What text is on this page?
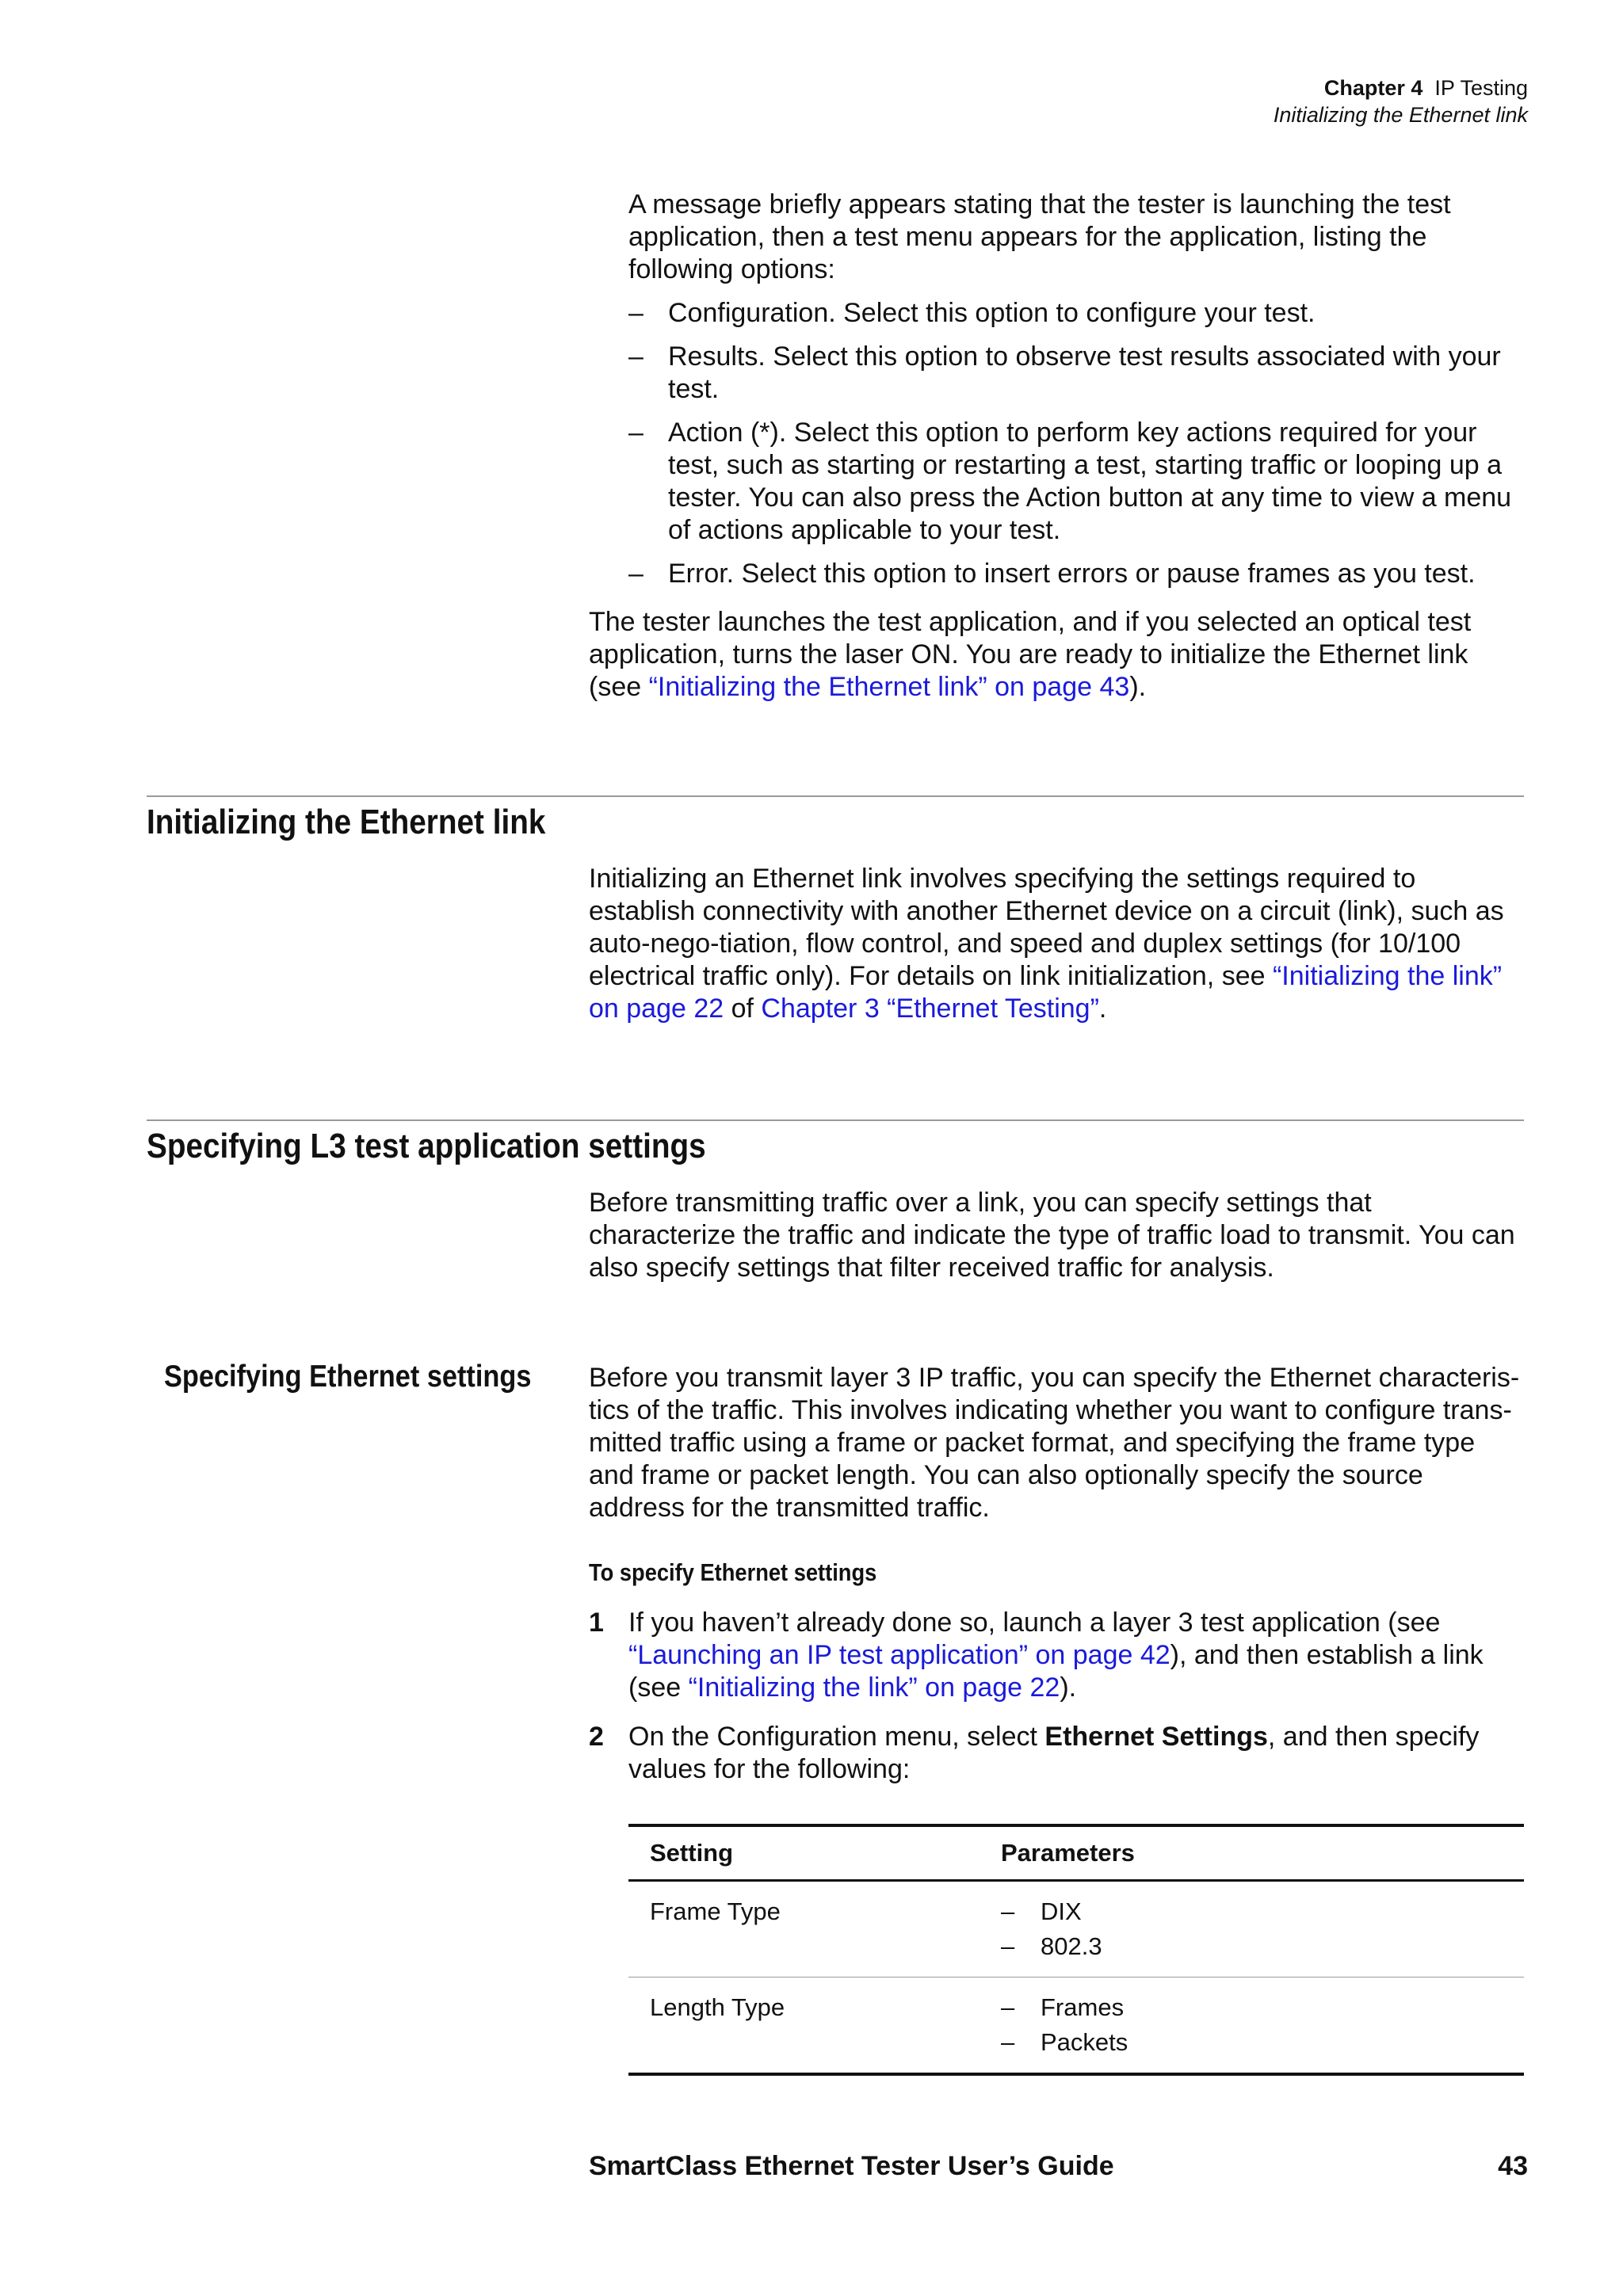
Chapter 4 IP Testing
Initializing the Ethernet link
A message briefly appears stating that the tester is launching the test application, then a test menu appears for the application, listing the following options:
– Configuration. Select this option to configure your test.
– Results. Select this option to observe test results associated with your test.
– Action (*). Select this option to perform key actions required for your test, such as starting or restarting a test, starting traffic or looping up a tester. You can also press the Action button at any time to view a menu of actions applicable to your test.
– Error. Select this option to insert errors or pause frames as you test.
The tester launches the test application, and if you selected an optical test application, turns the laser ON. You are ready to initialize the Ethernet link (see “Initializing the Ethernet link” on page 43).
Initializing the Ethernet link
Initializing an Ethernet link involves specifying the settings required to establish connectivity with another Ethernet device on a circuit (link), such as auto-nego-tiation, flow control, and speed and duplex settings (for 10/100 electrical traffic only). For details on link initialization, see “Initializing the link” on page 22 of Chapter 3 “Ethernet Testing”.
Specifying L3 test application settings
Before transmitting traffic over a link, you can specify settings that characterize the traffic and indicate the type of traffic load to transmit. You can also specify settings that filter received traffic for analysis.
Specifying Ethernet settings Before you transmit layer 3 IP traffic, you can specify the Ethernet characteris-tics of the traffic. This involves indicating whether you want to configure trans-mitted traffic using a frame or packet format, and specifying the frame type and frame or packet length. You can also optionally specify the source address for the transmitted traffic.
To specify Ethernet settings
1 If you haven’t already done so, launch a layer 3 test application (see “Launching an IP test application” on page 42), and then establish a link (see “Initializing the link” on page 22).
2 On the Configuration menu, select Ethernet Settings, and then specify values for the following:
Setting	Parameters
Frame Type	– DIX
– 802.3

Length Type	– Frames
– Packets
SmartClass Ethernet Tester User’s Guide	43
